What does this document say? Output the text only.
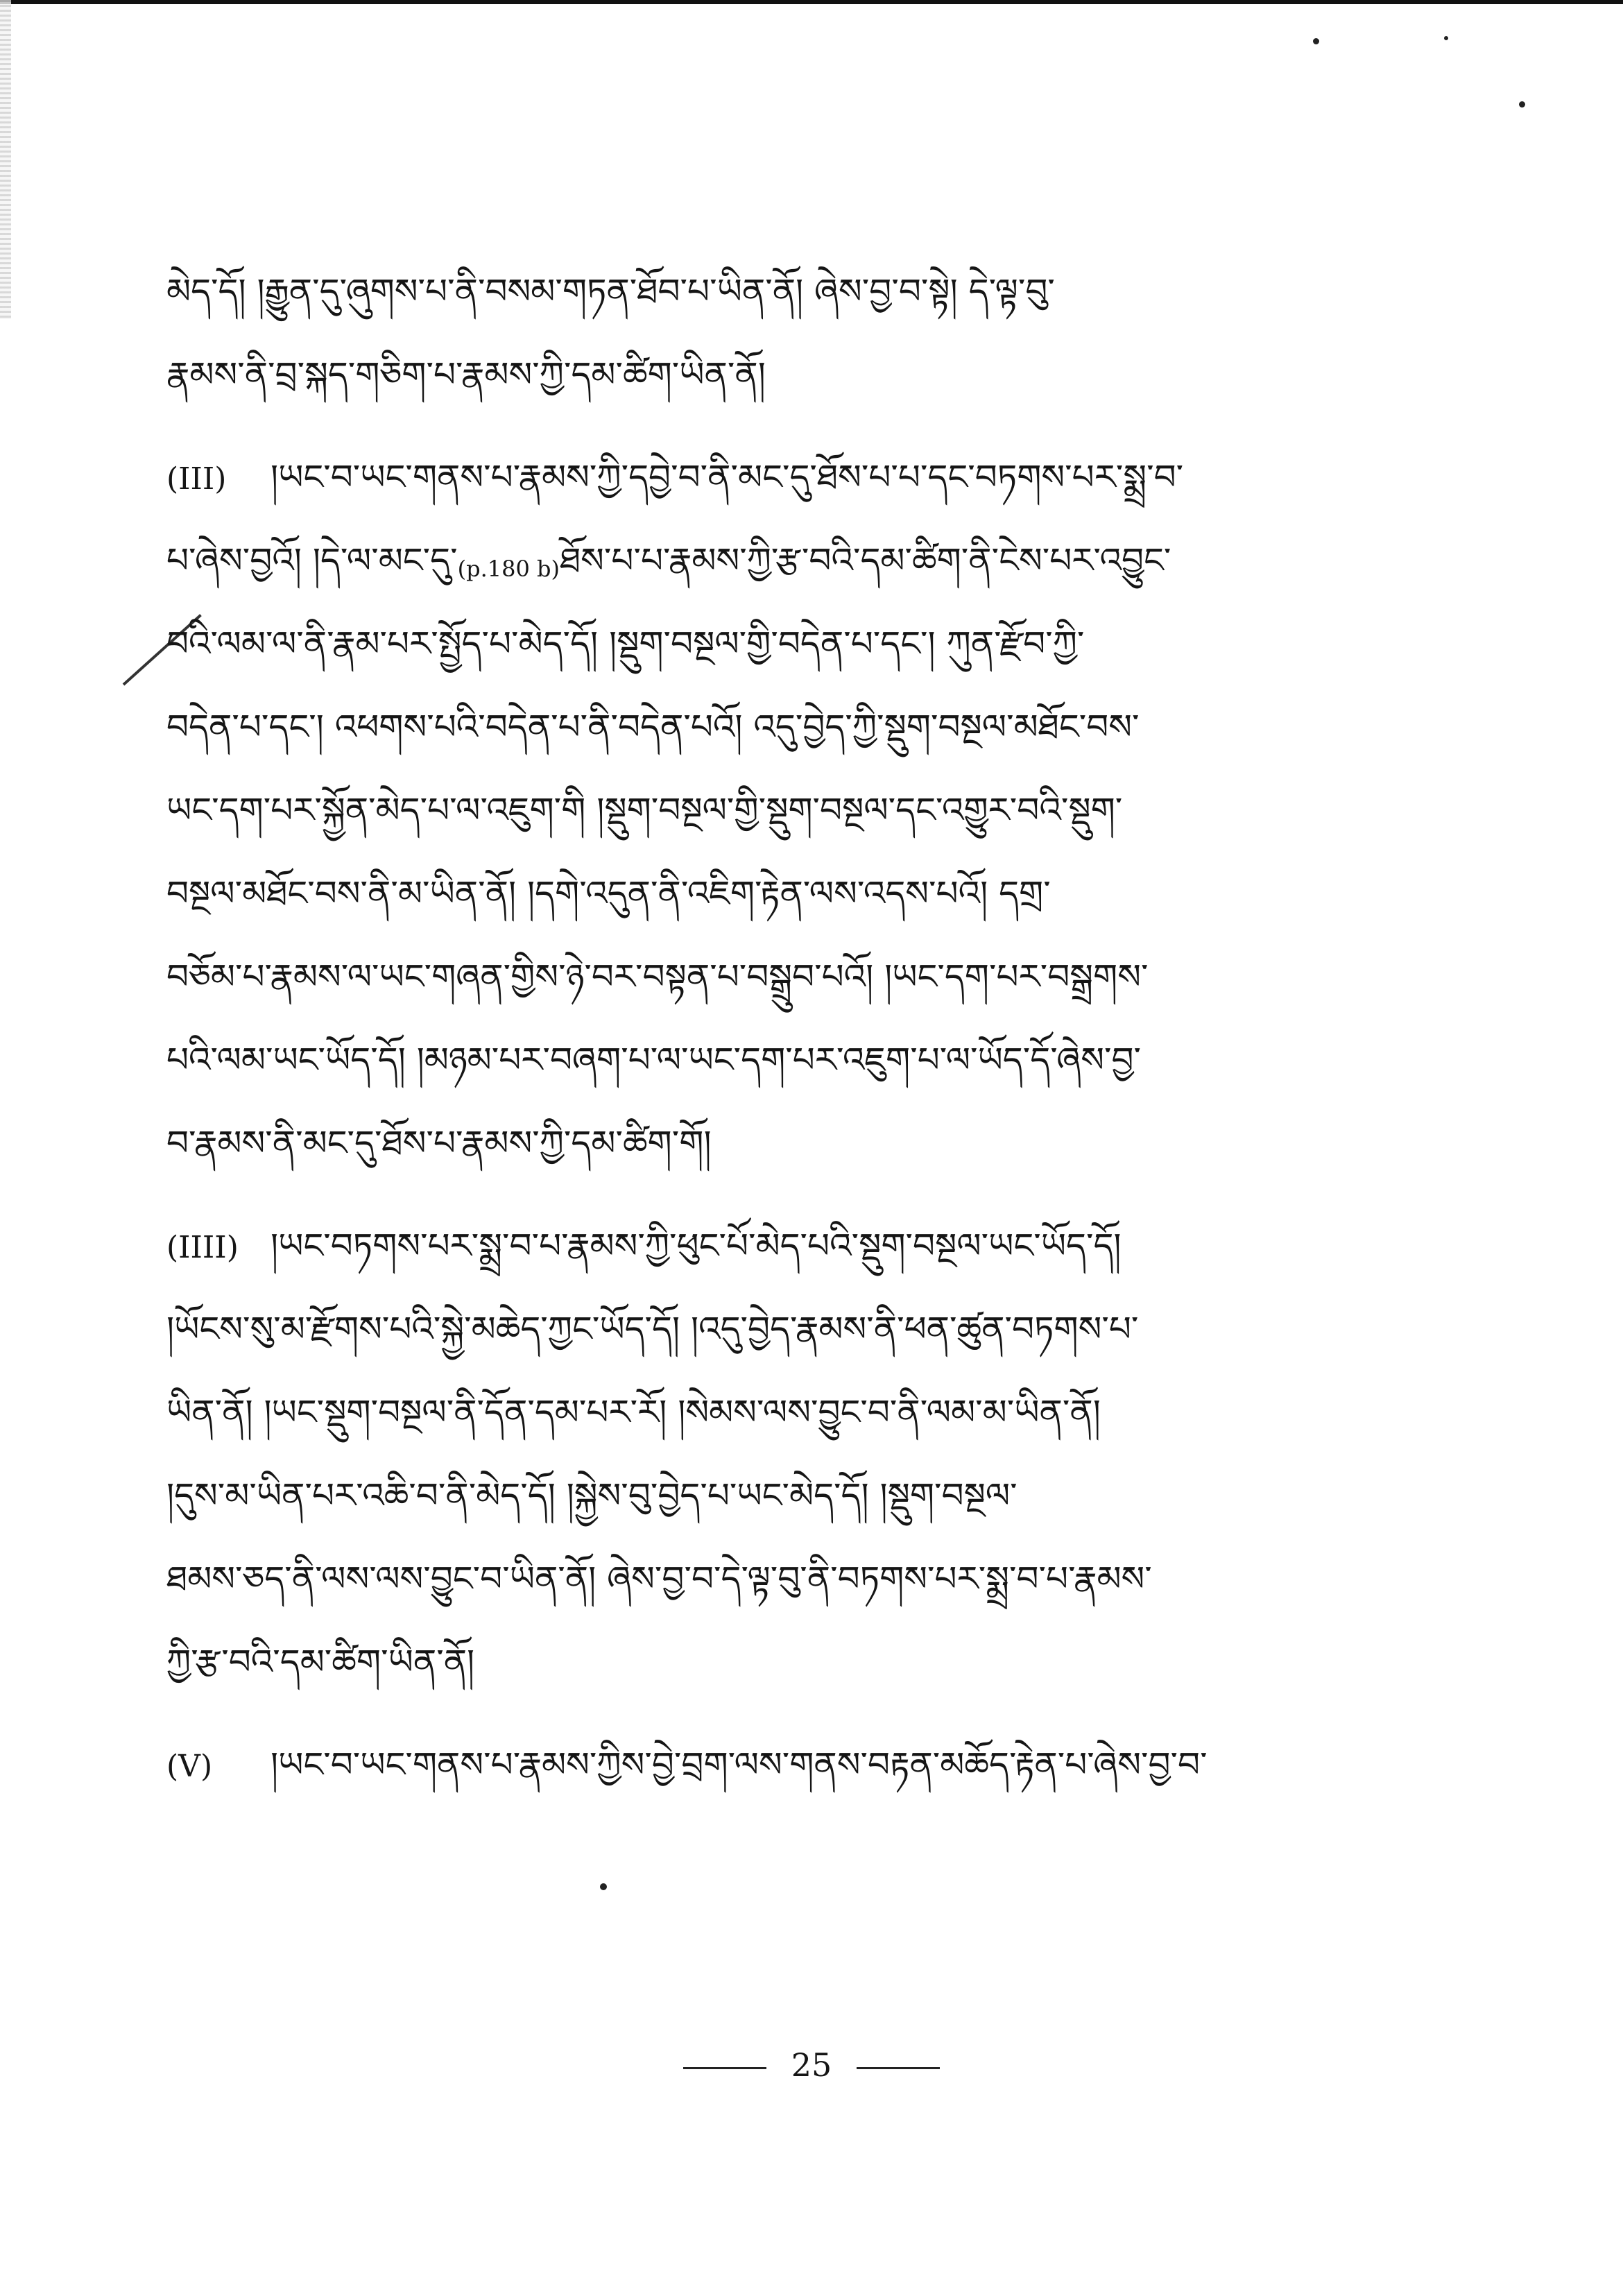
མེད་དོ། །རྒྱུན་དུ་ཞུགས་པ་ནི་བསམ་གཏན་ཐོབ་པ་ཡིན་ནོ། ཞེས་བྱ་བ་སྟེ། དེ་ལྟ་བུ་
རྣམས་ནི་བྲ་སྐད་གཅིག་པ་རྣམས་ཀྱི་དམ་ཚིག་ཡིན་ནོ།
(III) །ཡང་བ་ཡང་གནས་པ་རྣམས་ཀྱི་དབྱེ་བ་ནི་མང་དུ་ཐོས་པ་པ་དང་བཏགས་པར་སྨྲ་བ་
པ་ཞེས་བྱའོ། །དེ་ལ་མང་དུ་(p.180 b)ཐོས་པ་པ་རྣམས་ཀྱི་རྩ་བའི་དམ་ཚིག་ནི་ངེས་པར་འབྱུང་
བའི་ལམ་ལ་ནི་རྣམ་པར་སྤྱོད་པ་མེད་དོ། །སྡུག་བསྔལ་གྱི་བདེན་པ་དང་། ཀུན་རྫོབ་ཀྱི་
བདེན་པ་དང་། འཕགས་པའི་བདེན་པ་ནི་བདེན་པའོ། འདུ་བྱེད་ཀྱི་སྡུག་བསྔལ་མཐོང་བས་
ཡང་དག་པར་སྐྱོན་མེད་པ་ལ་འཇུག་གི །སྡུག་བསྔལ་གྱི་སྡུག་བསྔལ་དང་འགྱུར་བའི་སྡུག་
བསྔལ་མཐོང་བས་ནི་མ་ཡིན་ནོ། །དགེ་འདུན་ནི་འཇིག་རྟེན་ལས་འདས་པའོ། དགྲ་
བཅོམ་པ་རྣམས་ལ་ཡང་གཞན་གྱིས་ཉེ་བར་བསྟན་པ་བསྒྲུབ་པའོ། །ཡང་དག་པར་བསྒྲགས་
པའི་ལམ་ཡང་ཡོད་དོ། །མཉམ་པར་བཞག་པ་ལ་ཡང་དག་པར་འཇུག་པ་ལ་ཡོད་དོ་ཞེས་བྱ་
བ་རྣམས་ནི་མང་དུ་ཐོས་པ་རྣམས་ཀྱི་དམ་ཚིག་གོ།
(IIII) །ཡང་བཏགས་པར་སྨྲ་བ་པ་རྣམས་ཀྱི་ཕུང་པོ་མེད་པའི་སྡུག་བསྔལ་ཡང་ཡོད་དོ།
།ཡོངས་སུ་མ་རྫོགས་པའི་སྐྱེ་མཆེད་ཀྱང་ཡོད་དོ། །འདུ་བྱེད་རྣམས་ནི་ཕན་ཚུན་བཏགས་པ་
ཡིན་ནོ། །ཡང་སྡུག་བསྔལ་ནི་དོན་དམ་པར་རོ། །སེམས་ལས་བྱུང་བ་ནི་ལམ་མ་ཡིན་ནོ།
།དུས་མ་ཡིན་པར་འཆི་བ་ནི་མེད་དོ། །སྐྱེས་བུ་བྱེད་པ་ཡང་མེད་དོ། །སྡུག་བསྔལ་
ཐམས་ཅད་ནི་ལས་ལས་བྱུང་བ་ཡིན་ནོ། ཞེས་བྱ་བ་དེ་ལྟ་བུ་ནི་བཏགས་པར་སྨྲ་བ་པ་རྣམས་
ཀྱི་རྩ་བའི་དམ་ཚིག་ཡིན་ནོ།
(V) །ཡང་བ་ཡང་གནས་པ་རྣམས་ཀྱིས་བྱེ་བྲག་ལས་གནས་བརྟན་མཆོད་རྟེན་པ་ཞེས་བྱ་བ་
25
